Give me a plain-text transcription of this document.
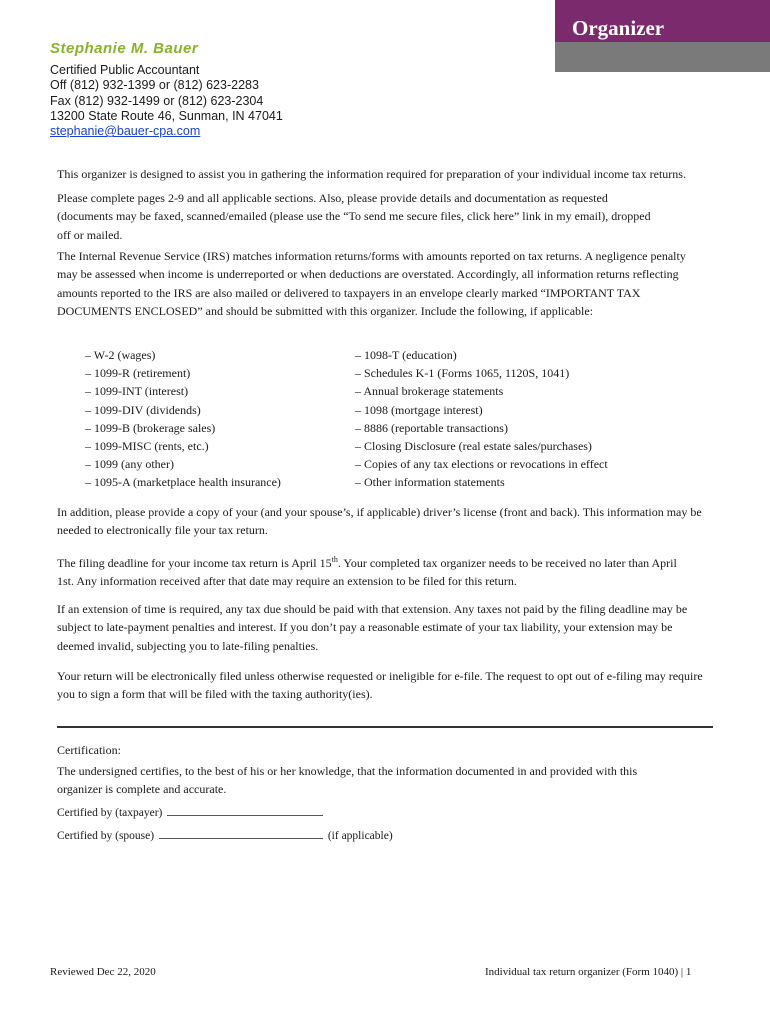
Organizer
Stephanie M. Bauer
Certified Public Accountant
Off (812) 932-1399 or (812) 623-2283
Fax (812) 932-1499 or (812) 623-2304
13200 State Route 46, Sunman, IN 47041
stephanie@bauer-cpa.com
This organizer is designed to assist you in gathering the information required for preparation of your individual income tax returns.
Please complete pages 2-9 and all applicable sections. Also, please provide details and documentation as requested (documents may be faxed, scanned/emailed (please use the “To send me secure files, click here” link in my email), dropped off or mailed.
The Internal Revenue Service (IRS) matches information returns/forms with amounts reported on tax returns. A negligence penalty may be assessed when income is underreported or when deductions are overstated. Accordingly, all information returns reflecting amounts reported to the IRS are also mailed or delivered to taxpayers in an envelope clearly marked “IMPORTANT TAX DOCUMENTS ENCLOSED” and should be submitted with this organizer. Include the following, if applicable:
– W-2 (wages)
– 1099-R (retirement)
– 1099-INT (interest)
– 1099-DIV (dividends)
– 1099-B (brokerage sales)
– 1099-MISC (rents, etc.)
– 1099 (any other)
– 1095-A (marketplace health insurance)
– 1098-T (education)
– Schedules K-1 (Forms 1065, 1120S, 1041)
– Annual brokerage statements
– 1098 (mortgage interest)
– 8886 (reportable transactions)
– Closing Disclosure (real estate sales/purchases)
– Copies of any tax elections or revocations in effect
– Other information statements
In addition, please provide a copy of your (and your spouse’s, if applicable) driver’s license (front and back). This information may be needed to electronically file your tax return.
The filing deadline for your income tax return is April 15th. Your completed tax organizer needs to be received no later than April 1st. Any information received after that date may require an extension to be filed for this return.
If an extension of time is required, any tax due should be paid with that extension. Any taxes not paid by the filing deadline may be subject to late-payment penalties and interest. If you don’t pay a reasonable estimate of your tax liability, your extension may be deemed invalid, subjecting you to late-filing penalties.
Your return will be electronically filed unless otherwise requested or ineligible for e-file. The request to opt out of e-filing may require you to sign a form that will be filed with the taxing authority(ies).
Certification:
The undersigned certifies, to the best of his or her knowledge, that the information documented in and provided with this organizer is complete and accurate.
Certified by (taxpayer)
Certified by (spouse)	(if applicable)
Reviewed Dec 22, 2020	Individual tax return organizer (Form 1040) | 1
